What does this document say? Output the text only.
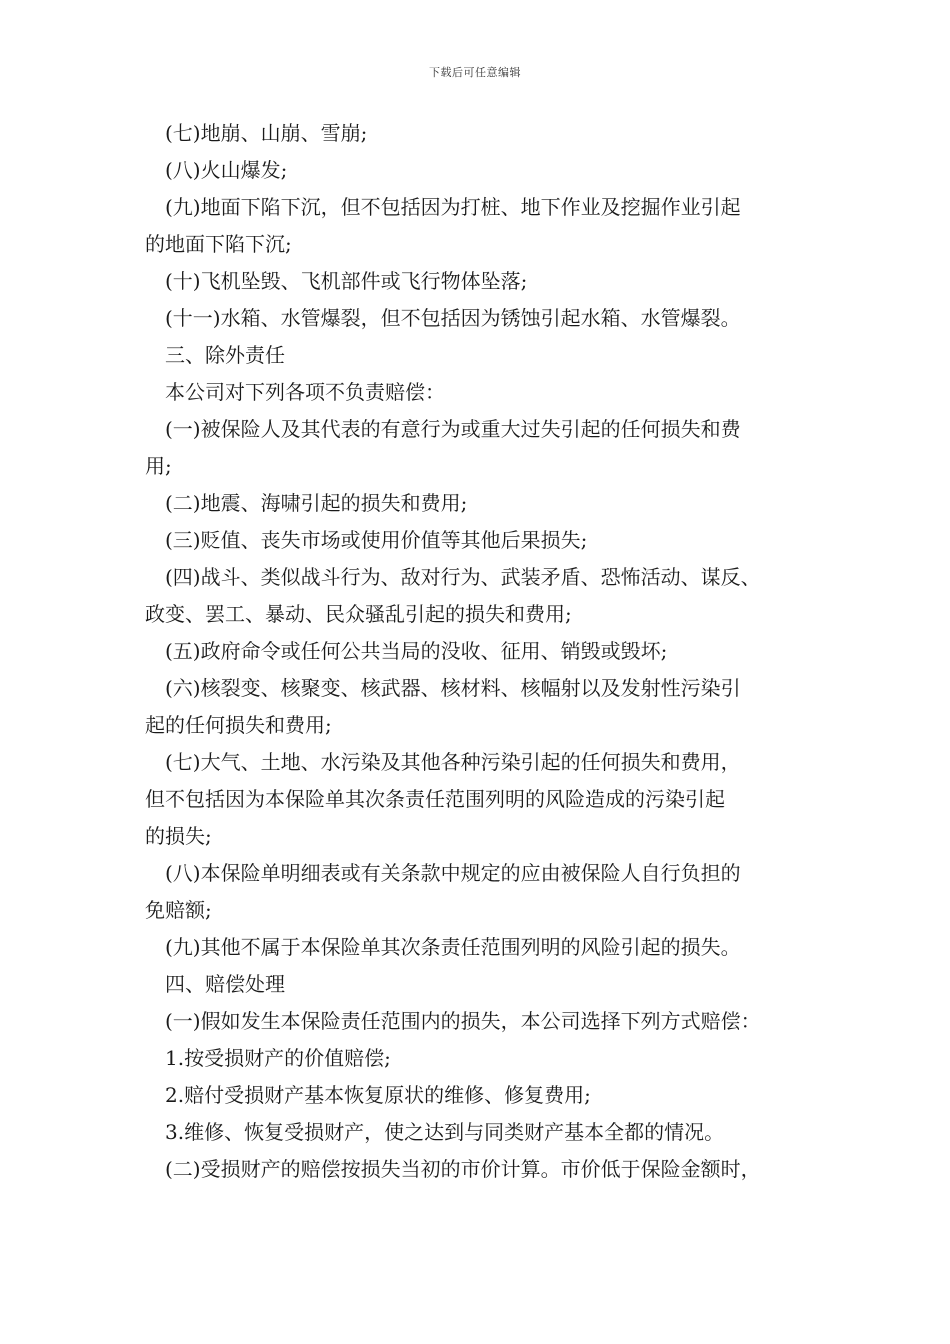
下载后可任意编辑

(七)地崩、山崩、雪崩;

(八)火山爆发;

(九)地面下陷下沉，但不包括因为打桩、地下作业及挖掘作业引起

的地面下陷下沉;

(十)飞机坠毁、飞机部件或飞行物体坠落;

(十一)水箱、水管爆裂，但不包括因为锈蚀引起水箱、水管爆裂。

三、除外责任

本公司对下列各项不负责赔偿：

(一)被保险人及其代表的有意行为或重大过失引起的任何损失和费

用;

(二)地震、海啸引起的损失和费用;

(三)贬值、丧失市场或使用价值等其他后果损失;

(四)战斗、类似战斗行为、敌对行为、武装矛盾、恐怖活动、谋反、

政变、罢工、暴动、民众骚乱引起的损失和费用;

(五)政府命令或任何公共当局的没收、征用、销毁或毁坏;

(六)核裂变、核聚变、核武器、核材料、核幅射以及发射性污染引

起的任何损失和费用;

(七)大气、土地、水污染及其他各种污染引起的任何损失和费用，

但不包括因为本保险单其次条责任范围列明的风险造成的污染引起

的损失;

(八)本保险单明细表或有关条款中规定的应由被保险人自行负担的

免赔额;

(九)其他不属于本保险单其次条责任范围列明的风险引起的损失。

四、赔偿处理

(一)假如发生本保险责任范围内的损失，本公司选择下列方式赔偿：

1.按受损财产的价值赔偿;

2.赔付受损财产基本恢复原状的维修、修复费用;

3.维修、恢复受损财产，使之达到与同类财产基本全都的情况。

(二)受损财产的赔偿按损失当初的市价计算。市价低于保险金额时，
